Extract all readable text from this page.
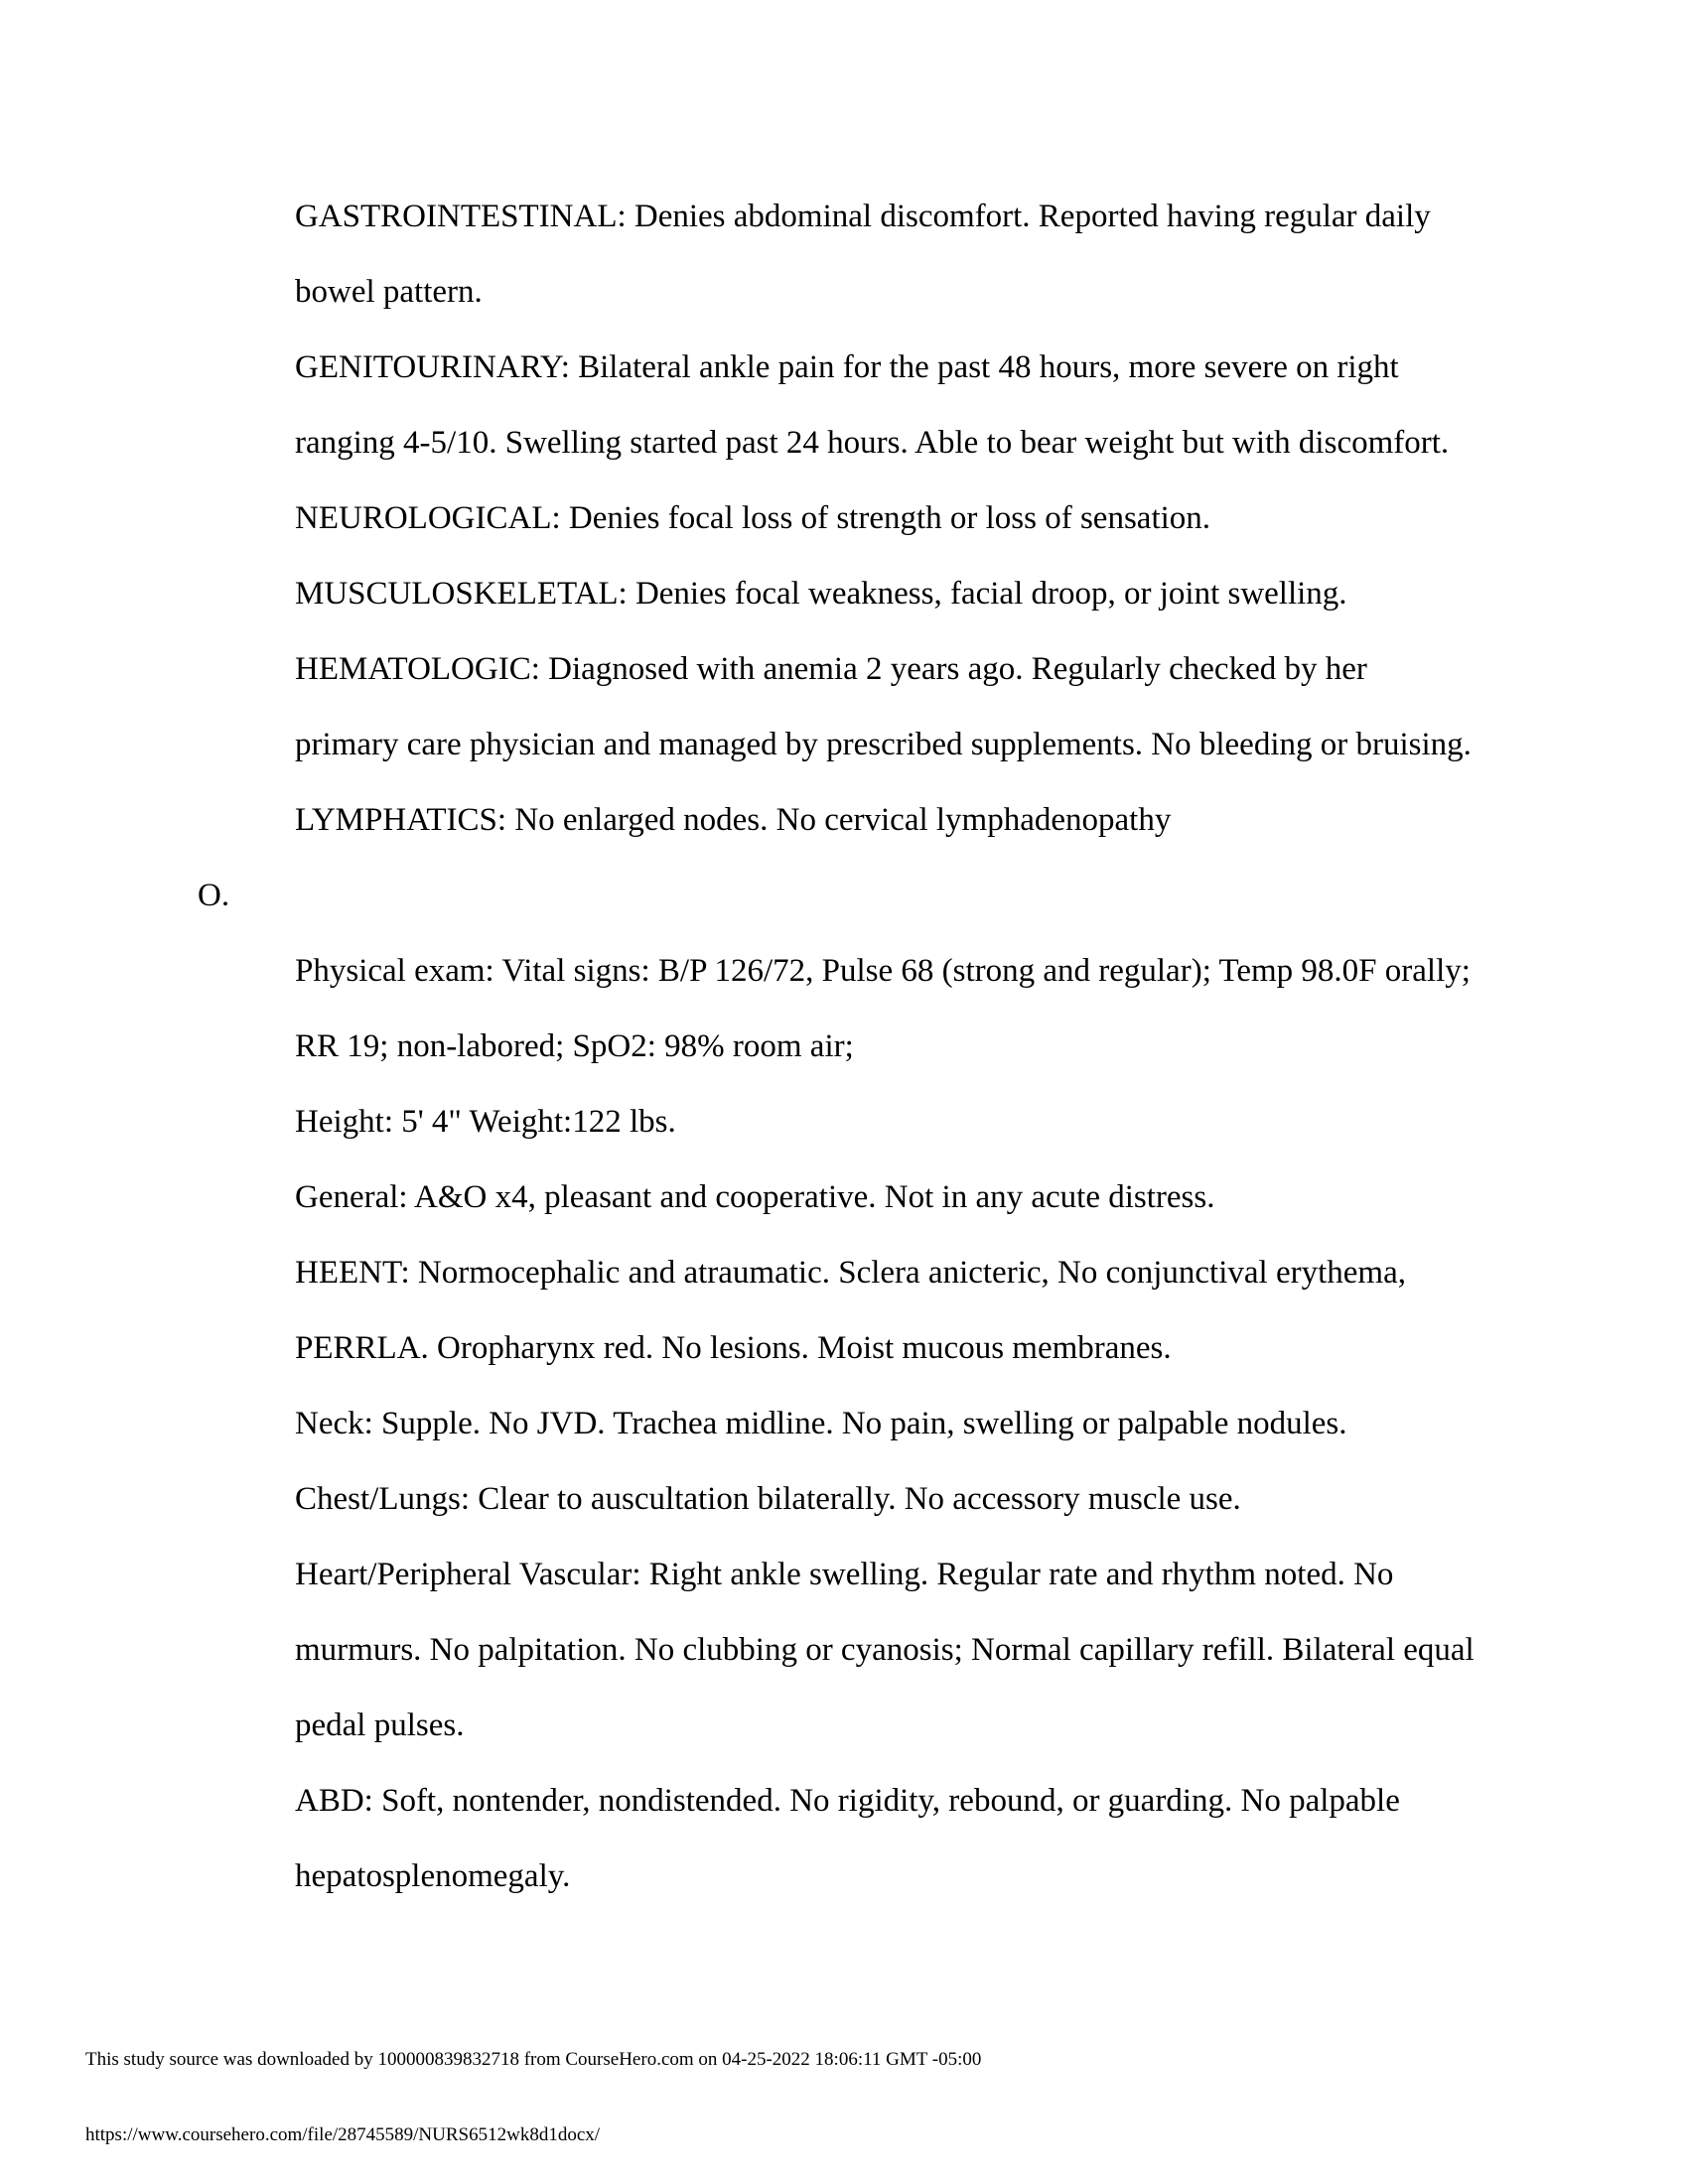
GASTROINTESTINAL: Denies abdominal discomfort. Reported having regular daily
bowel pattern.
GENITOURINARY: Bilateral ankle pain for the past 48 hours, more severe on right
ranging 4-5/10. Swelling started past 24 hours. Able to bear weight but with discomfort.
NEUROLOGICAL: Denies focal loss of strength or loss of sensation.
MUSCULOSKELETAL: Denies focal weakness, facial droop, or joint swelling.
HEMATOLOGIC: Diagnosed with anemia 2 years ago. Regularly checked by her
primary care physician and managed by prescribed supplements. No bleeding or bruising.
LYMPHATICS: No enlarged nodes. No cervical lymphadenopathy
O.
Physical exam: Vital signs: B/P 126/72, Pulse 68 (strong and regular); Temp 98.0F orally;
RR 19; non-labored; SpO2: 98% room air;
Height: 5' 4" Weight:122 lbs.
General: A&O x4, pleasant and cooperative. Not in any acute distress.
HEENT: Normocephalic and atraumatic. Sclera anicteric, No conjunctival erythema,
PERRLA. Oropharynx red. No lesions. Moist mucous membranes.
Neck: Supple. No JVD. Trachea midline. No pain, swelling or palpable nodules.
Chest/Lungs: Clear to auscultation bilaterally. No accessory muscle use.
Heart/Peripheral Vascular: Right ankle swelling. Regular rate and rhythm noted. No
murmurs. No palpitation. No clubbing or cyanosis; Normal capillary refill. Bilateral equal
pedal pulses.
ABD: Soft, nontender, nondistended. No rigidity, rebound, or guarding. No palpable
hepatosplenomegaly.
This study source was downloaded by 100000839832718 from CourseHero.com on 04-25-2022 18:06:11 GMT -05:00
https://www.coursehero.com/file/28745589/NURS6512wk8d1docx/
